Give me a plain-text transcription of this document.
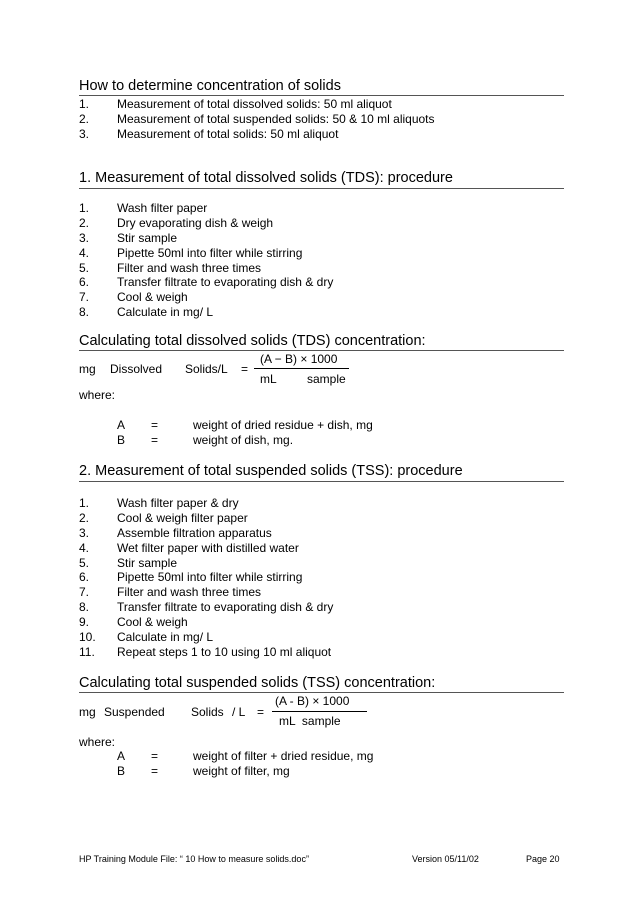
How to determine concentration of solids
1. Measurement of total dissolved solids: 50 ml aliquot
2. Measurement of total suspended solids: 50 & 10 ml aliquots
3. Measurement of total solids: 50 ml aliquot
1. Measurement of total dissolved solids (TDS): procedure
1. Wash filter paper
2. Dry evaporating dish & weigh
3. Stir sample
4. Pipette 50ml into filter while stirring
5. Filter and wash three times
6. Transfer filtrate to evaporating dish & dry
7. Cool & weigh
8. Calculate in mg/ L
Calculating total dissolved solids (TDS) concentration:
mg Dissolved Solids/L =
(A − B) × 1000
mL	sample
where:
A =	weight of dried residue + dish, mg
B =	weight of dish, mg.
2. Measurement of total suspended solids (TSS): procedure
1. Wash filter paper & dry
2. Cool & weigh filter paper
3. Assemble filtration apparatus
4. Wet filter paper with distilled water
5. Stir sample
6. Pipette 50ml into filter while stirring
7. Filter and wash three times
8. Transfer filtrate to evaporating dish & dry
9. Cool & weigh
10. Calculate in mg/ L
11. Repeat steps 1 to 10 using 10 ml aliquot
Calculating total suspended solids (TSS) concentration:
mg Suspended Solids / L =
(A - B) × 1000
mL  sample
where:
A =	weight of filter + dried residue, mg
B =	weight of filter, mg
HP Training Module File: “ 10 How to measure solids.doc”	Version 05/11/02	Page 20
